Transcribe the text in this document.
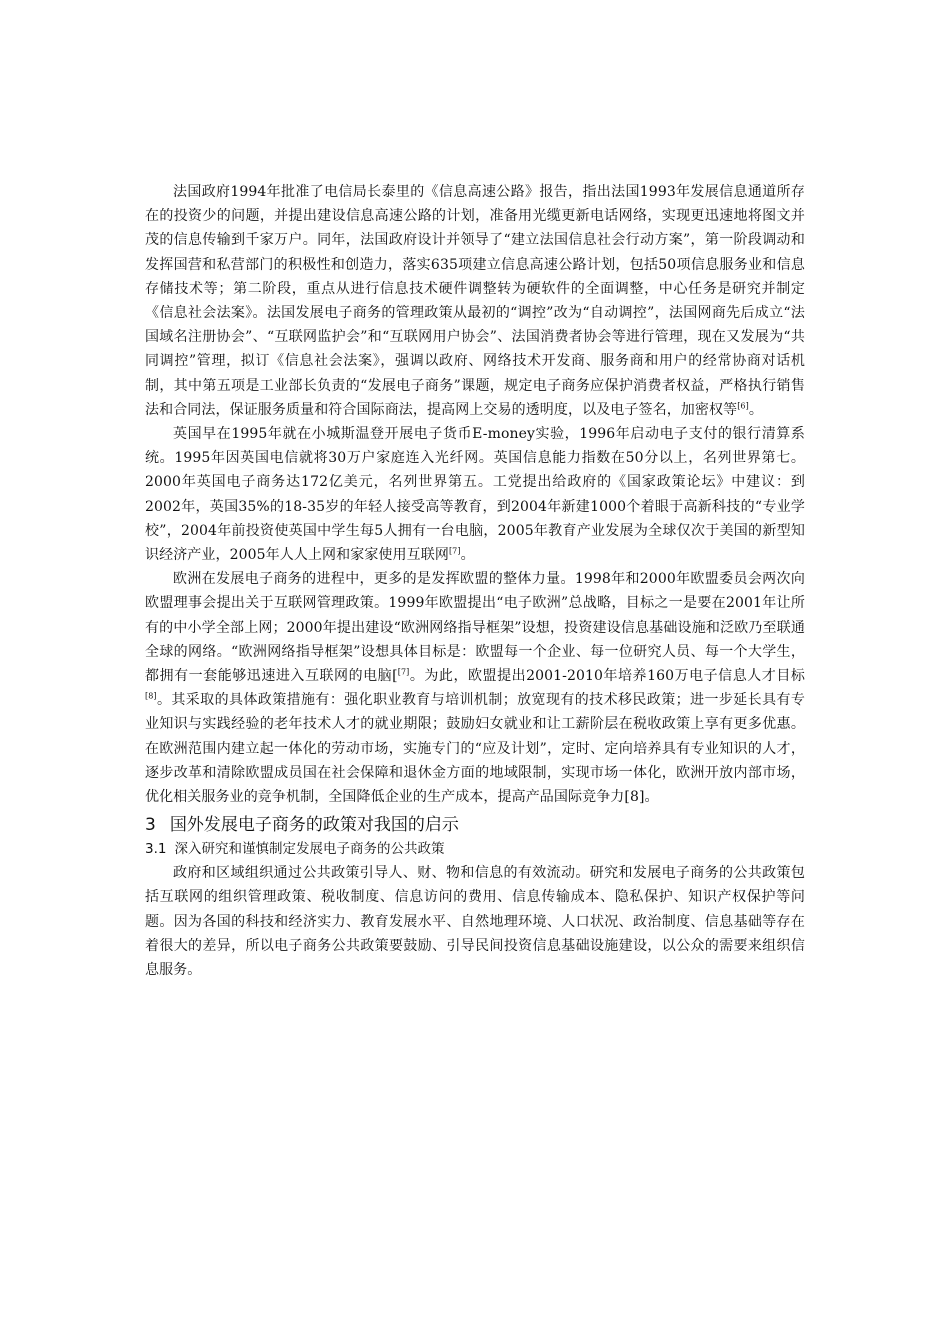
法国政府1994年批准了电信局长泰里的《信息高速公路》报告，指出法国1993年发展信息通道所存在的投资少的问题，并提出建设信息高速公路的计划，准备用光缆更新电话网络，实现更迅速地将图文并茂的信息传输到千家万户。同年，法国政府设计并领导了“建立法国信息社会行动方案”，第一阶段调动和发挥国营和私营部门的积极性和创造力，落实635项建立信息高速公路计划，包括50项信息服务业和信息存储技术等；第二阶段，重点从进行信息技术硬件调整转为硬软件的全面调整，中心任务是研究并制定《信息社会法案》。法国发展电子商务的管理政策从最初的“调控”改为“自动调控”，法国网商先后成立“法国域名注册协会”、“互联网监护会”和“互联网用户协会”、法国消费者协会等进行管理，现在又发展为“共同调控”管理，拟订《信息社会法案》，强调以政府、网络技术开发商、服务商和用户的经常协商对话机制，其中第五项是工业部长负责的“发展电子商务”课题，规定电子商务应保护消费者权益，严格执行销售法和合同法，保证服务质量和符合国际商法，提高网上交易的透明度，以及电子签名，加密权等[6]。

英国早在1995年就在小城斯温登开展电子货币E-money实验，1996年启动电子支付的银行清算系统。1995年因英国电信就将30万户家庭连入光纤网。英国信息能力指数在50分以上，名列世界第七。2000年英国电子商务达172亿美元，名列世界第五。工党提出给政府的《国家政策论坛》中建议：到2002年，英国35%的18-35岁的年轻人接受高等教育，到2004年新建1000个着眼于高新科技的“专业学校”，2004年前投资使英国中学生每5人拥有一台电脑，2005年教育产业发展为全球仅次于美国的新型知识经济产业，2005年人人上网和家家使用互联网[7]。

欧洲在发展电子商务的进程中，更多的是发挥欧盟的整体力量。1998年和2000年欧盟委员会两次向欧盟理事会提出关于互联网管理政策。1999年欧盟提出“电子欧洲”总战略，目标之一是要在2001年让所有的中小学全部上网；2000年提出建设“欧洲网络指导框架”设想，投资建设信息基础设施和泛欧乃至联通全球的网络。“欧洲网络指导框架”设想具体目标是：欧盟每一个企业、每一位研究人员、每一个大学生，都拥有一套能够迅速进入互联网的电脑[[7]。为此，欧盟提出2001-2010年培养160万电子信息人才目标[8]。其采取的具体政策措施有：强化职业教育与培训机制；放宽现有的技术移民政策；进一步延长具有专业知识与实践经验的老年技术人才的就业期限；鼓励妇女就业和让工薪阶层在税收政策上享有更多优惠。在欧洲范围内建立起一体化的劳动市场，实施专门的“应及计划”，定时、定向培养具有专业知识的人才，逐步改革和清除欧盟成员国在社会保障和退休金方面的地域限制，实现市场一体化，欧洲开放内部市场，优化相关服务业的竞争机制，全国降低企业的生产成本，提高产品国际竞争力[8]。

3 国外发展电子商务的政策对我国的启示
3.1 深入研究和谨慎制定发展电子商务的公共政策

政府和区域组织通过公共政策引导人、财、物和信息的有效流动。研究和发展电子商务的公共政策包括互联网的组织管理政策、税收制度、信息访问的费用、信息传输成本、隐私保护、知识产权保护等问题。因为各国的科技和经济实力、教育发展水平、自然地理环境、人口状况、政治制度、信息基础等存在着很大的差异，所以电子商务公共政策要鼓励、引导民间投资信息基础设施建设，以公众的需要来组织信息服务。
